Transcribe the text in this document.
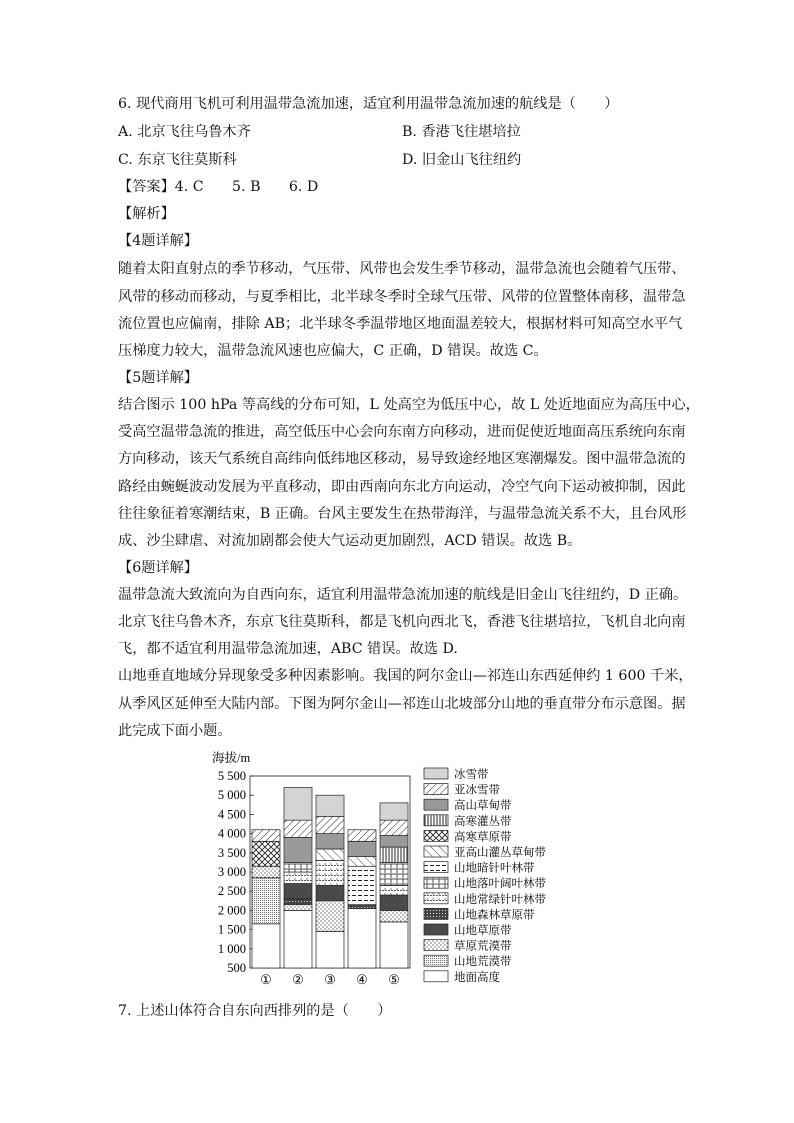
6. 现代商用飞机可利用温带急流加速，适宜利用温带急流加速的航线是（　　）
A. 北京飞往乌鲁木齐	B. 香港飞往堪培拉
C. 东京飞往莫斯科	D. 旧金山飞往纽约
【答案】4. C　　5. B　　6. D
【解析】
【4题详解】
随着太阳直射点的季节移动，气压带、风带也会发生季节移动，温带急流也会随着气压带、
风带的移动而移动，与夏季相比，北半球冬季时全球气压带、风带的位置整体南移，温带急
流位置也应偏南，排除 AB；北半球冬季温带地区地面温差较大，根据材料可知高空水平气
压梯度力较大，温带急流风速也应偏大，C 正确，D 错误。故选 C。
【5题详解】
结合图示 100 hPa 等高线的分布可知，L 处高空为低压中心，故 L 处近地面应为高压中心，
受高空温带急流的推进，高空低压中心会向东南方向移动，进而促使近地面高压系统向东南
方向移动，该天气系统自高纬向低纬地区移动，易导致途经地区寒潮爆发。图中温带急流的
路经由蜿蜒波动发展为平直移动，即由西南向东北方向运动，冷空气向下运动被抑制，因此
往往象征着寒潮结束，B 正确。台风主要发生在热带海洋，与温带急流关系不大，且台风形
成、沙尘肆虐、对流加剧都会使大气运动更加剧烈，ACD 错误。故选 B。
【6题详解】
温带急流大致流向为自西向东，适宜利用温带急流加速的航线是旧金山飞往纽约，D 正确。
北京飞往乌鲁木齐，东京飞往莫斯科，都是飞机向西北飞，香港飞往堪培拉，飞机自北向南
飞，都不适宜利用温带急流加速，ABC 错误。故选 D.
山地垂直地域分异现象受多种因素影响。我国的阿尔金山—祁连山东西延伸约 1 600 千米，
从季风区延伸至大陆内部。下图为阿尔金山—祁连山北坡部分山地的垂直带分布示意图。据
此完成下面小题。
海拔/m
500
1 000
1 500
2 000
2 500
3 000
3 500
4 000
4 500
5 000
5 500
① ② ③ ④ ⑤
冰雪带
亚冰雪带
高山草甸带
高寒灌丛带
高寒草原带
亚高山灌丛草甸带
山地暗针叶林带
山地落叶阔叶林带
山地常绿针叶林带
山地森林草原带
山地草原带
草原荒漠带
山地荒漠带
地面高度
7. 上述山体符合自东向西排列的是（　　）
